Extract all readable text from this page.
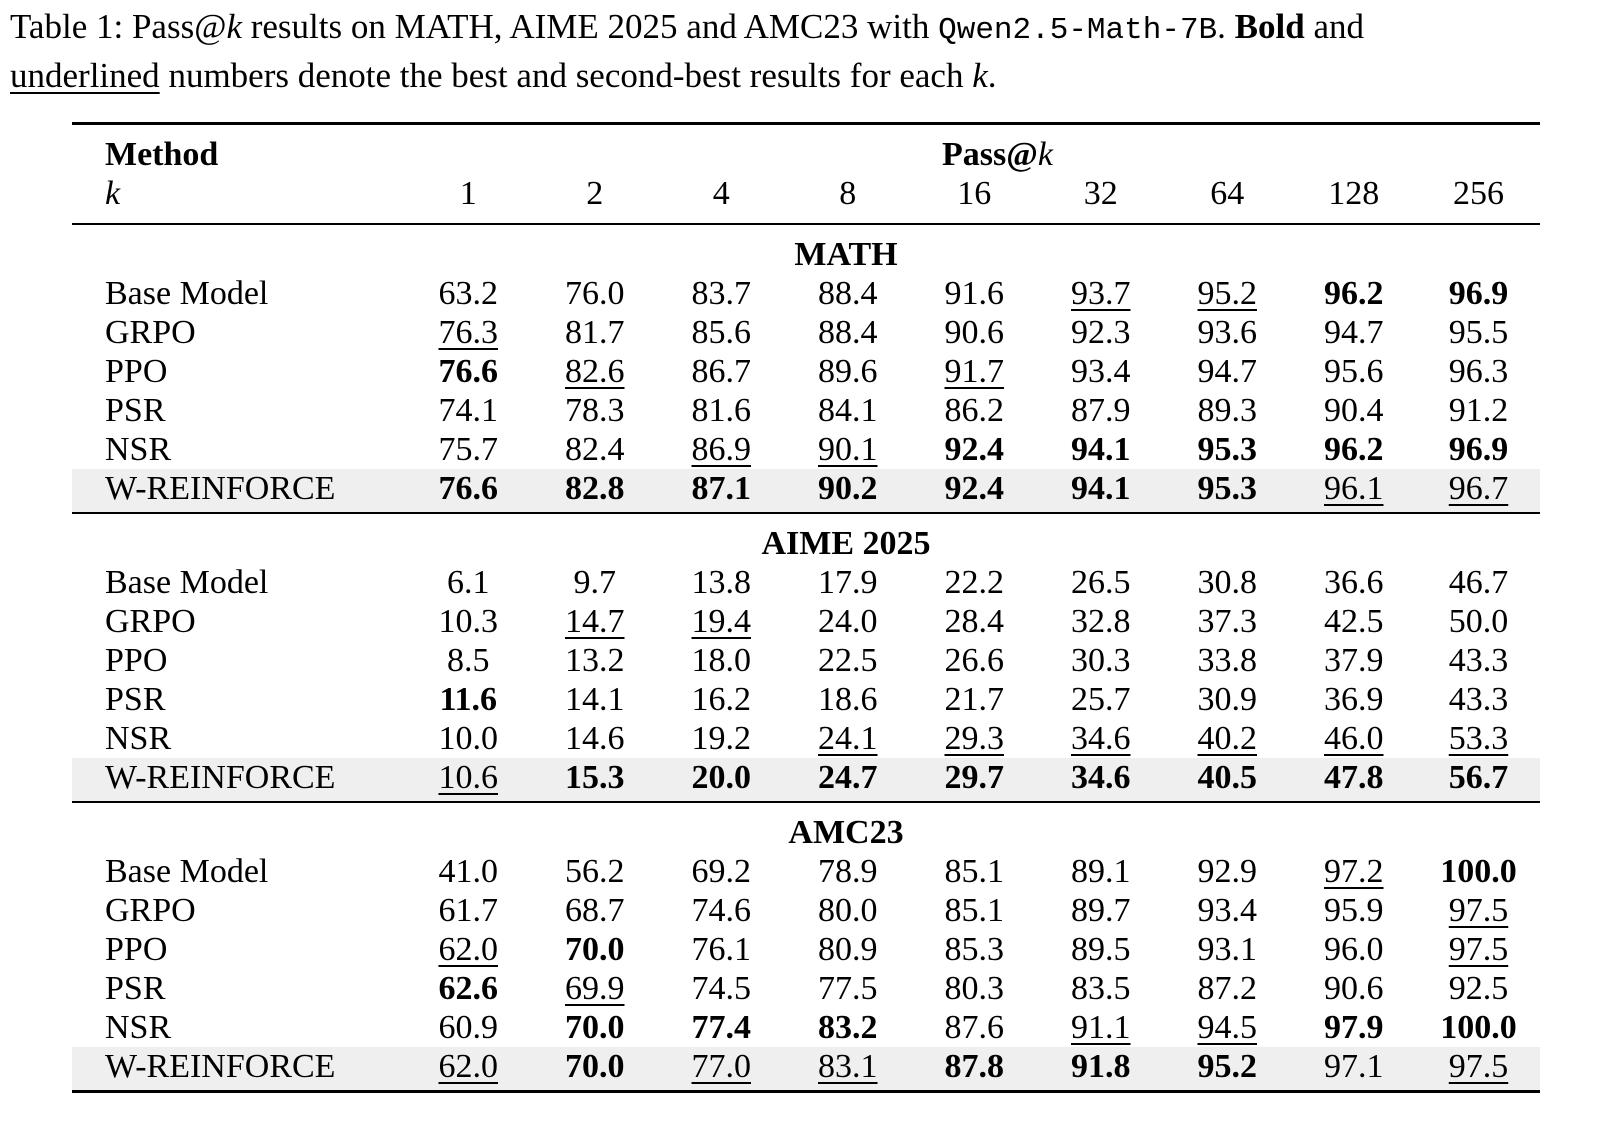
Table 1: Pass@k results on MATH, AIME 2025 and AMC23 with Qwen2.5-Math-7B. Bold and
underlined numbers denote the best and second-best results for each k.

Method	Pass@k								
k	1	2	4	8	16	32	64	128	256

MATH									
Base Model	63.2	76.0	83.7	88.4	91.6	93.7	95.2	96.2	96.9
GRPO	76.3	81.7	85.6	88.4	90.6	92.3	93.6	94.7	95.5
PPO	76.6	82.6	86.7	89.6	91.7	93.4	94.7	95.6	96.3
PSR	74.1	78.3	81.6	84.1	86.2	87.9	89.3	90.4	91.2
NSR	75.7	82.4	86.9	90.1	92.4	94.1	95.3	96.2	96.9
W-REINFORCE	76.6	82.8	87.1	90.2	92.4	94.1	95.3	96.1	96.7

AIME 2025									
Base Model	6.1	9.7	13.8	17.9	22.2	26.5	30.8	36.6	46.7
GRPO	10.3	14.7	19.4	24.0	28.4	32.8	37.3	42.5	50.0
PPO	8.5	13.2	18.0	22.5	26.6	30.3	33.8	37.9	43.3
PSR	11.6	14.1	16.2	18.6	21.7	25.7	30.9	36.9	43.3
NSR	10.0	14.6	19.2	24.1	29.3	34.6	40.2	46.0	53.3
W-REINFORCE	10.6	15.3	20.0	24.7	29.7	34.6	40.5	47.8	56.7

AMC23									
Base Model	41.0	56.2	69.2	78.9	85.1	89.1	92.9	97.2	100.0
GRPO	61.7	68.7	74.6	80.0	85.1	89.7	93.4	95.9	97.5
PPO	62.0	70.0	76.1	80.9	85.3	89.5	93.1	96.0	97.5
PSR	62.6	69.9	74.5	77.5	80.3	83.5	87.2	90.6	92.5
NSR	60.9	70.0	77.4	83.2	87.6	91.1	94.5	97.9	100.0
W-REINFORCE	62.0	70.0	77.0	83.1	87.8	91.8	95.2	97.1	97.5
